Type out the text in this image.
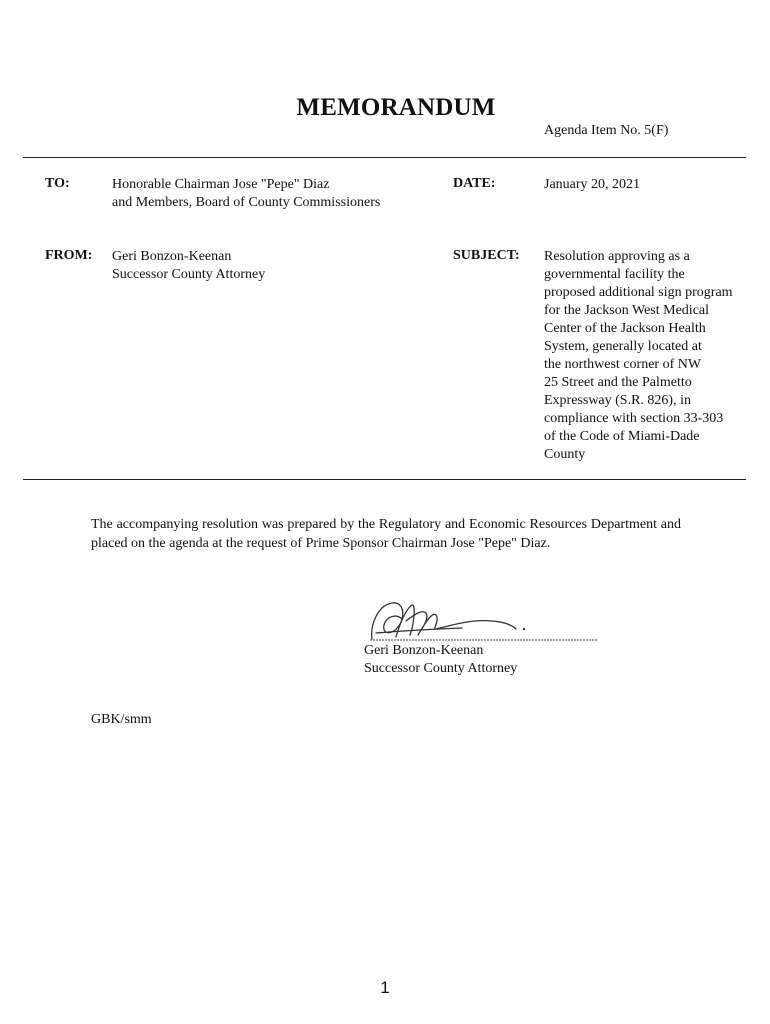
MEMORANDUM
Agenda Item No. 5(F)
TO:	Honorable Chairman Jose "Pepe" Diaz
and Members, Board of County Commissioners
DATE:	January 20, 2021
FROM: Geri Bonzon-Keenan
Successor County Attorney
SUBJECT: Resolution approving as a
governmental facility the
proposed additional sign program
for the Jackson West Medical
Center of the Jackson Health
System, generally located at
the northwest corner of NW
25 Street and the Palmetto
Expressway (S.R. 826), in
compliance with section 33-303
of the Code of Miami-Dade
County
The accompanying resolution was prepared by the Regulatory and Economic Resources Department and placed on the agenda at the request of Prime Sponsor Chairman Jose "Pepe" Diaz.
Geri Bonzon-Keenan
Successor County Attorney
GBK/smm
1
